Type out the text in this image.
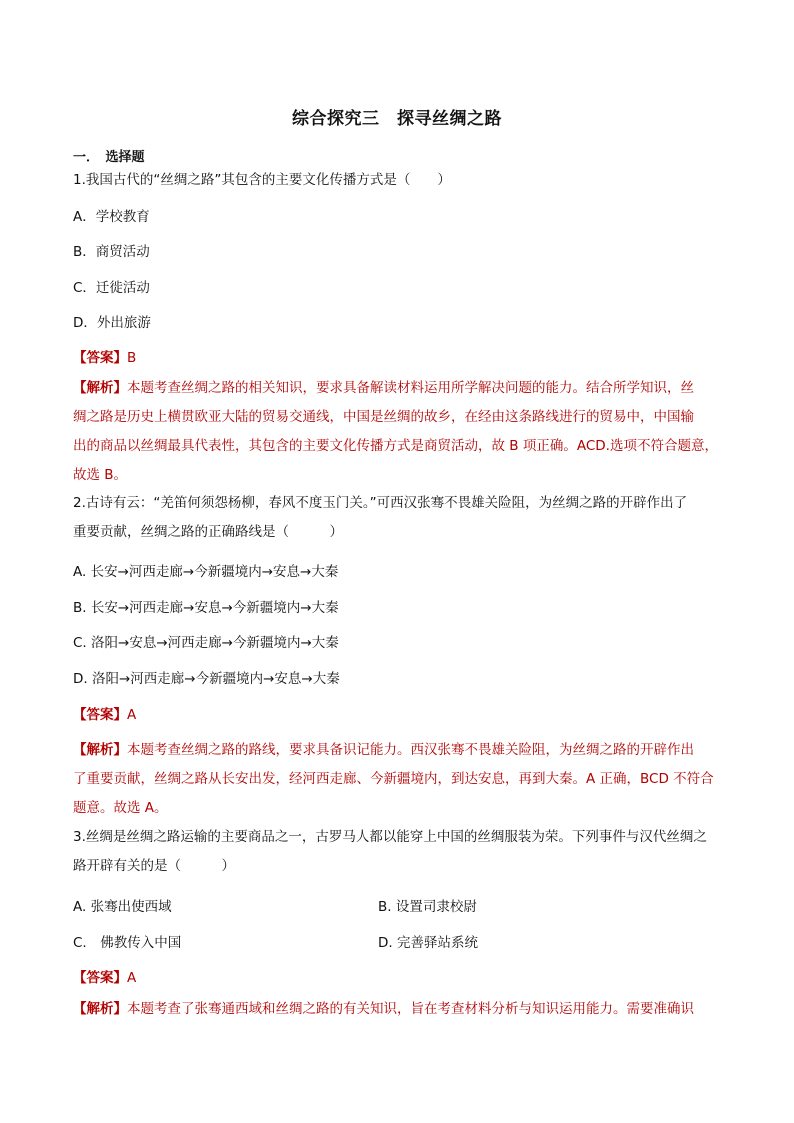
综合探究三　探寻丝绸之路
一．　选择题
1.我国古代的“丝绸之路”其包含的主要文化传播方式是（　　）
A．学校教育
B．商贸活动
C．迁徙活动
D．外出旅游
【答案】B
【解析】本题考查丝绸之路的相关知识，要求具备解读材料运用所学解决问题的能力。结合所学知识，丝
绸之路是历史上横贯欧亚大陆的贸易交通线，中国是丝绸的故乡，在经由这条路线进行的贸易中，中国输
出的商品以丝绸最具代表性，其包含的主要文化传播方式是商贸活动，故 B 项正确。ACD.选项不符合题意，
故选 B。
2.古诗有云：“羌笛何须怨杨柳，春风不度玉门关。”可西汉张骞不畏雄关险阻，为丝绸之路的开辟作出了
重要贡献，丝绸之路的正确路线是（　　　）
A. 长安→河西走廊→今新疆境内→安息→大秦
B. 长安→河西走廊→安息→今新疆境内→大秦
C. 洛阳→安息→河西走廊→今新疆境内→大秦
D. 洛阳→河西走廊→今新疆境内→安息→大秦
【答案】A
【解析】本题考查丝绸之路的路线，要求具备识记能力。西汉张骞不畏雄关险阻，为丝绸之路的开辟作出
了重要贡献，丝绸之路从长安出发，经河西走廊、今新疆境内，到达安息，再到大秦。A 正确，BCD 不符合
题意。故选 A。
3.丝绸是丝绸之路运输的主要商品之一，古罗马人都以能穿上中国的丝绸服装为荣。下列事件与汉代丝绸之
路开辟有关的是（　　　）
A. 张骞出使西域	B. 设置司隶校尉
C.　佛教传入中国	D. 完善驿站系统
【答案】A
【解析】本题考查了张骞通西域和丝绸之路的有关知识，旨在考查材料分析与知识运用能力。需要准确识
